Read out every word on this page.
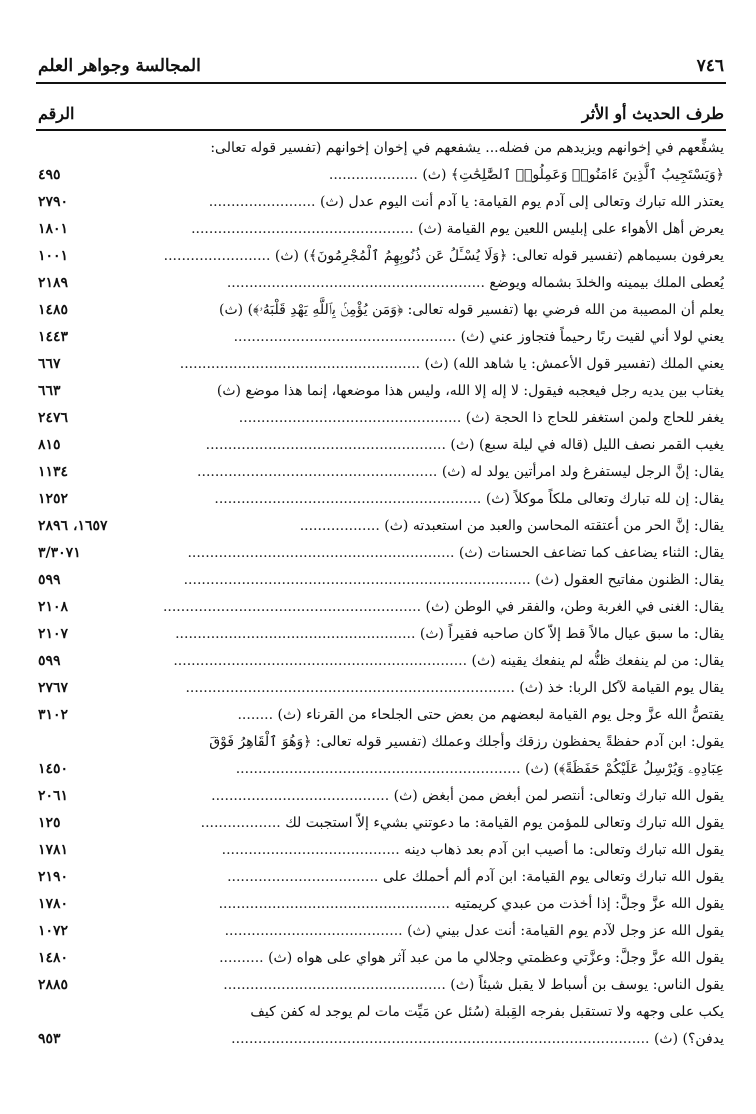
٧٤٦
المجالسة وجواهر العلم
طرف الحديث أو الأثر
الرقم
يشفِّعهم في إخوانهم ويزيدهم من فضله... يشفعهم في إخوان إخوانهم (تفسير قوله تعالى:
﴿وَيَسْتَجِيبُ ٱلَّذِينَ ءَامَنُوا۟ وَعَمِلُوا۟ ٱلصَّٰلِحَٰتِ﴾ (ث) ....................
٤٩٥
يعتذر الله تبارك وتعالى إلى آدم يوم القيامة: يا آدم أنت اليوم عدل (ث) ........................
٢٧٩٠
يعرض أهل الأهواء على إبليس اللعين يوم القيامة (ث) ..................................................
١٨٠١
يعرفون بسيماهم (تفسير قوله تعالى: ﴿وَلَا يُسْـَٔلُ عَن ذُنُوبِهِمُ ٱلْمُجْرِمُونَ﴾) (ث) ........................
١٠٠١
يُعطى الملك بيمينه والخلدَ بشماله ويوضع ..........................................................
٢١٨٩
يعلم أن المصيبة من الله فرضي بها (تفسير قوله تعالى: ﴿وَمَن يُؤْمِنۢ بِٱللَّهِ يَهْدِ قَلْبَهُۥ﴾) (ث)
١٤٨٥
يعني لولا أني لقيت ربًا رحيماً فتجاوز عني (ث) ..................................................
١٤٤٣
يعني الملك (تفسير قول الأعمش: يا شاهد الله) (ث) ......................................................
٦٦٧
يغتاب بين يديه رجل فيعجبه فيقول: لا إله إلا الله، وليس هذا موضعها، إنما هذا موضع (ث)
٦٦٣
يغفر للحاج ولمن استغفر للحاج ذا الحجة (ث) ..................................................
٢٤٧٦
يغيب القمر نصف الليل (قاله في ليلة سبع) (ث) ......................................................
٨١٥
يقال: إنَّ الرجل ليستفرغ ولد امرأتين يولد له (ث) ......................................................
١١٣٤
يقال: إن لله تبارك وتعالى ملكاً موكلاً (ث) ............................................................
١٢٥٢
يقال: إنَّ الحر من أعتقته المحاسن والعبد من استعبدته (ث) ..................
١٦٥٧، ٢٨٩٦
يقال: الثناء يضاعف كما تضاعف الحسنات (ث) ............................................................
٣/٣٠٧١
يقال: الظنون مفاتيح العقول (ث) ..............................................................................
٥٩٩
يقال: الغنى في الغربة وطن، والفقر في الوطن (ث) ..........................................................
٢١٠٨
يقال: ما سبق عيال مالاً قط إلاّ كان صاحبه فقيراً (ث) ......................................................
٢١٠٧
يقال: من لم ينفعك ظنُّه لم ينفعك يقينه (ث) ..................................................................
٥٩٩
يقال يوم القيامة لآكل الربا: خذ (ث) ..........................................................................
٢٧٦٧
يقتصُّ الله عزَّ وجل يوم القيامة لبعضهم من بعض حتى الجلحاء من القرناء (ث) ........
٣١٠٢
يقول: ابن آدم حفظةً يحفظون رزقك وأجلك وعملك (تفسير قوله تعالى: ﴿وَهُوَ ٱلْقَاهِرُ فَوْقَ
عِبَادِهِۦ وَيُرْسِلُ عَلَيْكُمْ حَفَظَةً﴾) (ث) ................................................................
١٤٥٠
يقول الله تبارك وتعالى: أنتصر لمن أبغض ممن أبغض (ث) ........................................
٢٠٦١
يقول الله تبارك وتعالى للمؤمن يوم القيامة: ما دعوتني بشيء إلاّ استجبت لك ..................
١٢٥
يقول الله تبارك وتعالى: ما أصيب ابن آدم بعد ذهاب دينه ........................................
١٧٨١
يقول الله تبارك وتعالى يوم القيامة: ابن آدم ألم أحملك على ..................................
٢١٩٠
يقول الله عزَّ وجلَّ: إذا أخذت من عبدي كريمتيه ....................................................
١٧٨٠
يقول الله عز وجل لآدم يوم القيامة: أنت عدل بيني (ث) ........................................
١٠٧٢
يقول الله عزَّ وجلَّ: وعزَّتي وعظمتي وجلالي ما من عبد آثر هواي على هواه (ث) ..........
١٤٨٠
يقول الناس: يوسف بن أسباط لا يقبل شيئاً (ث) ..................................................
٢٨٨٥
يكب على وجهه ولا تستقبل بفرجه القِبلة (سُئل عن مَيِّت مات لم يوجد له كفن كيف
يدفن؟) (ث) ..............................................................................................
٩٥٣
